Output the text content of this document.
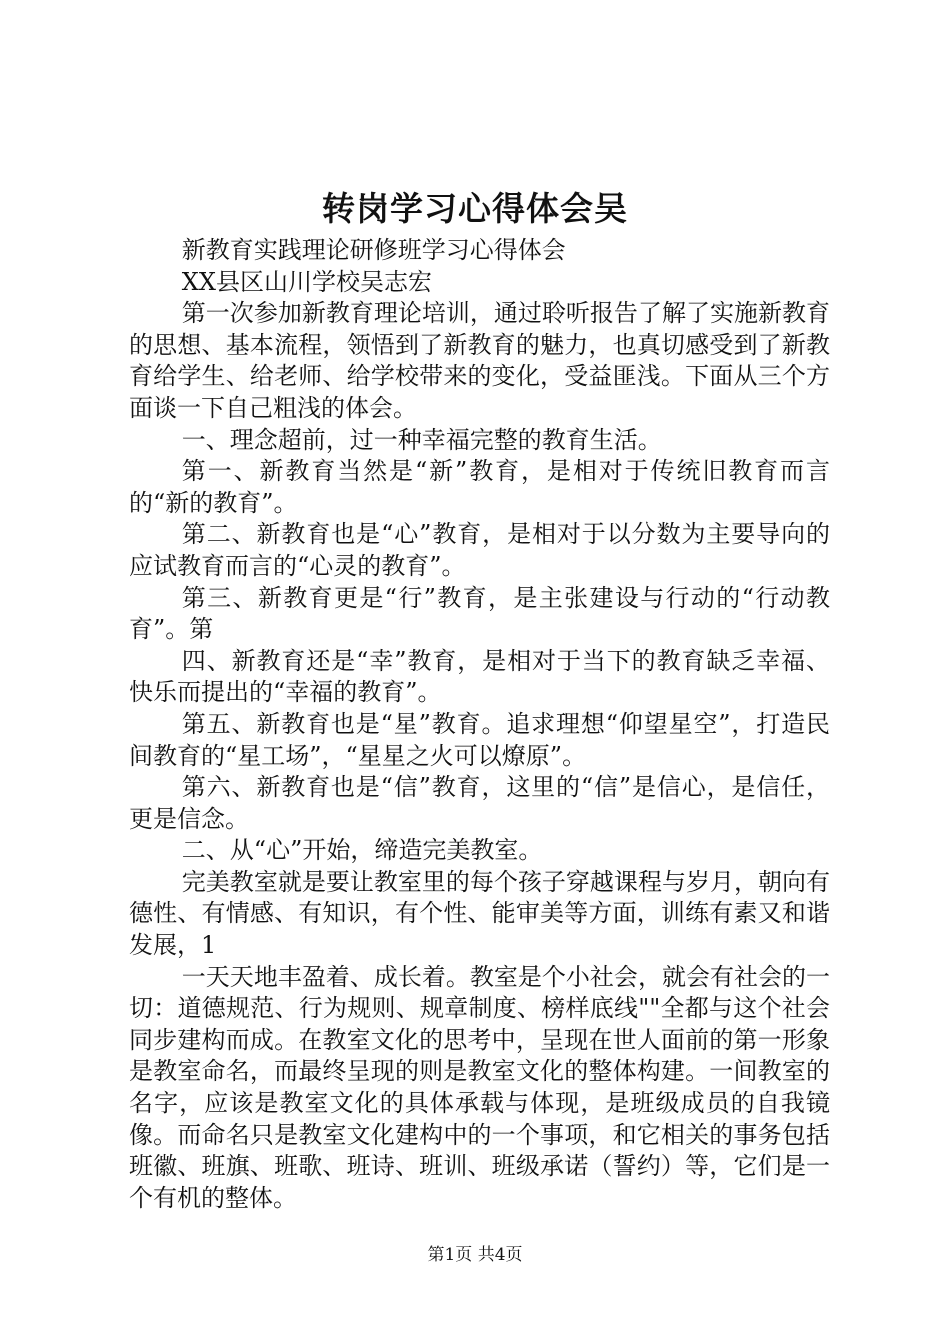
转岗学习心得体会吴

新教育实践理论研修班学习心得体会

XX县区山川学校吴志宏

第一次参加新教育理论培训，通过聆听报告了解了实施新教育的思想、基本流程，领悟到了新教育的魅力，也真切感受到了新教育给学生、给老师、给学校带来的变化，受益匪浅。下面从三个方面谈一下自己粗浅的体会。

一、理念超前，过一种幸福完整的教育生活。

第一、新教育当然是“新”教育，是相对于传统旧教育而言的“新的教育”。

第二、新教育也是“心”教育，是相对于以分数为主要导向的应试教育而言的“心灵的教育”。

第三、新教育更是“行”教育，是主张建设与行动的“行动教育”。第

四、新教育还是“幸”教育，是相对于当下的教育缺乏幸福、快乐而提出的“幸福的教育”。

第五、新教育也是“星”教育。追求理想“仰望星空”，打造民间教育的“星工场”，“星星之火可以燎原”。

第六、新教育也是“信”教育，这里的“信”是信心，是信任，更是信念。

二、从“心”开始，缔造完美教室。

完美教室就是要让教室里的每个孩子穿越课程与岁月，朝向有德性、有情感、有知识，有个性、能审美等方面，训练有素又和谐发展，1

一天天地丰盈着、成长着。教室是个小社会，就会有社会的一切：道德规范、行为规则、规章制度、榜样底线""全都与这个社会同步建构而成。在教室文化的思考中，呈现在世人面前的第一形象是教室命名，而最终呈现的则是教室文化的整体构建。一间教室的名字，应该是教室文化的具体承载与体现，是班级成员的自我镜像。而命名只是教室文化建构中的一个事项，和它相关的事务包括班徽、班旗、班歌、班诗、班训、班级承诺（誓约）等，它们是一个有机的整体。

第1页 共4页
